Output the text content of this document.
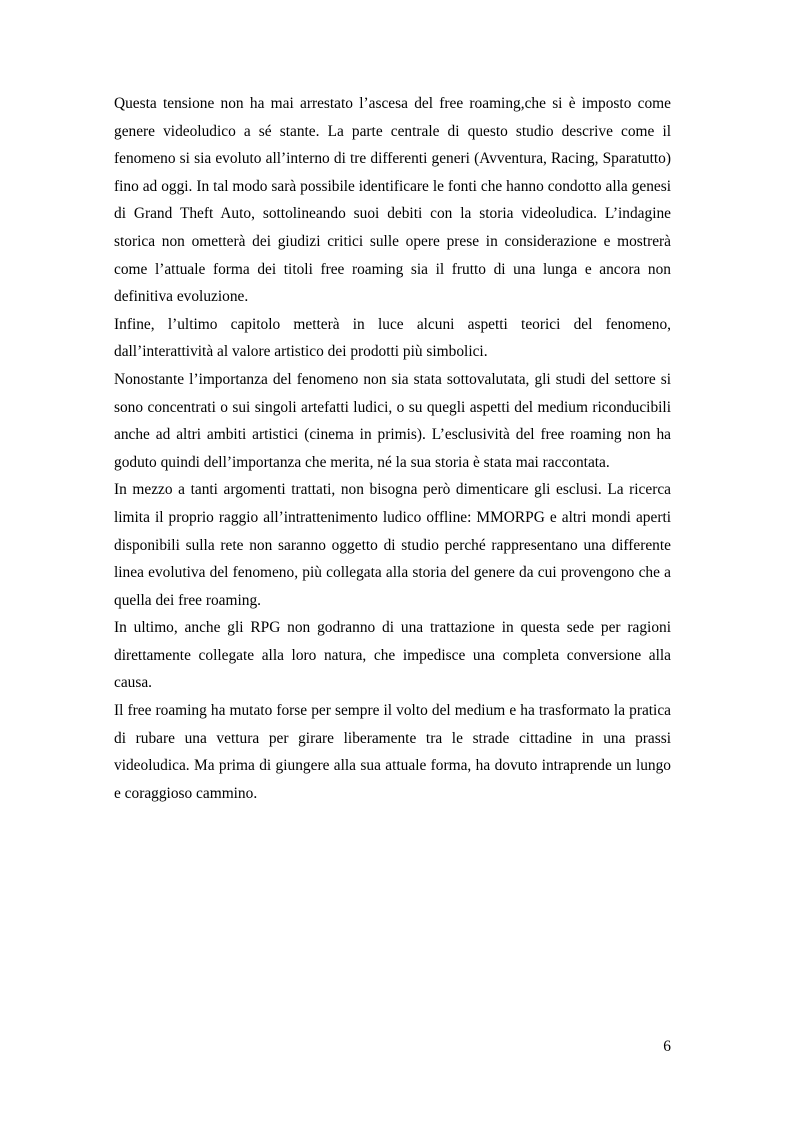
Questa tensione non ha mai arrestato l’ascesa del free roaming,che si è imposto come genere videoludico a sé stante. La parte centrale di questo studio descrive come il fenomeno si sia evoluto all’interno di tre differenti generi (Avventura, Racing, Sparatutto) fino ad oggi. In tal modo sarà possibile identificare le fonti che hanno condotto alla genesi di Grand Theft Auto, sottolineando suoi debiti con la storia videoludica. L’indagine storica non ometterà dei giudizi critici sulle opere prese in considerazione e mostrerà come l’attuale forma dei titoli free roaming sia il frutto di una lunga e ancora non definitiva evoluzione.

Infine, l’ultimo capitolo metterà in luce alcuni aspetti teorici del fenomeno, dall’interattività al valore artistico dei prodotti più simbolici.

Nonostante l’importanza del fenomeno non sia stata sottovalutata, gli studi del settore si sono concentrati o sui singoli artefatti ludici, o su quegli aspetti del medium riconducibili anche ad altri ambiti artistici (cinema in primis). L’esclusività del free roaming non ha goduto quindi dell’importanza che merita, né la sua storia è stata mai raccontata.

In mezzo a tanti argomenti trattati, non bisogna però dimenticare gli esclusi. La ricerca limita il proprio raggio all’intrattenimento ludico offline: MMORPG e altri mondi aperti disponibili sulla rete non saranno oggetto di studio perché rappresentano una differente linea evolutiva del fenomeno, più collegata alla storia del genere da cui provengono che a quella dei free roaming.

In ultimo, anche gli RPG non godranno di una trattazione in questa sede per ragioni direttamente collegate alla loro natura, che impedisce una completa conversione alla causa.

Il free roaming ha mutato forse per sempre il volto del medium e ha trasformato la pratica di rubare una vettura per girare liberamente tra le strade cittadine in una prassi videoludica. Ma prima di giungere alla sua attuale forma, ha dovuto intraprende un lungo e coraggioso cammino.

6
